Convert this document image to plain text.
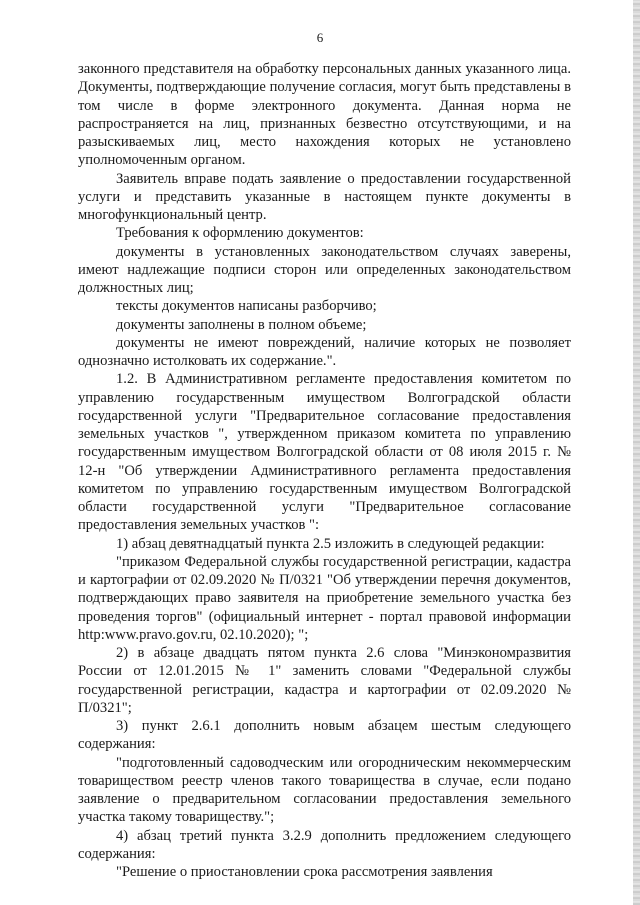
6

законного представителя на обработку персональных данных указанного лица. Документы, подтверждающие получение согласия, могут быть представлены в том числе в форме электронного документа. Данная норма не распространяется на лиц, признанных безвестно отсутствующими, и на разыскиваемых лиц, место нахождения которых не установлено уполномоченным органом.

Заявитель вправе подать заявление о предоставлении государственной услуги и представить указанные в настоящем пункте документы в многофункциональный центр.

Требования к оформлению документов:

документы в установленных законодательством случаях заверены, имеют надлежащие подписи сторон или определенных законодательством должностных лиц;

тексты документов написаны разборчиво;

документы заполнены в полном объеме;

документы не имеют повреждений, наличие которых не позволяет однозначно истолковать их содержание.".

1.2. В Административном регламенте предоставления комитетом по управлению государственным имуществом Волгоградской области государственной услуги "Предварительное согласование предоставления земельных участков ", утвержденном приказом комитета по управлению государственным имуществом Волгоградской области от 08 июля 2015 г. № 12-н "Об утверждении Административного регламента предоставления комитетом по управлению государственным имуществом Волгоградской области государственной услуги "Предварительное согласование предоставления земельных участков ":

1) абзац девятнадцатый пункта 2.5 изложить в следующей редакции:

"приказом Федеральной службы государственной регистрации, кадастра и картографии от 02.09.2020 № П/0321 "Об утверждении перечня документов, подтверждающих право заявителя на приобретение земельного участка без проведения торгов" (официальный интернет - портал правовой информации http:www.pravo.gov.ru, 02.10.2020); ";

2) в абзаце двадцать пятом пункта 2.6 слова "Минэкономразвития России от 12.01.2015 № 1" заменить словами "Федеральной службы государственной регистрации, кадастра и картографии от 02.09.2020 № П/0321";

3) пункт 2.6.1 дополнить новым абзацем шестым следующего содержания:

"подготовленный садоводческим или огородническим некоммерческим товариществом реестр членов такого товарищества в случае, если подано заявление о предварительном согласовании предоставления земельного участка такому товариществу.";

4) абзац третий пункта 3.2.9 дополнить предложением следующего содержания:

"Решение о приостановлении срока рассмотрения заявления
